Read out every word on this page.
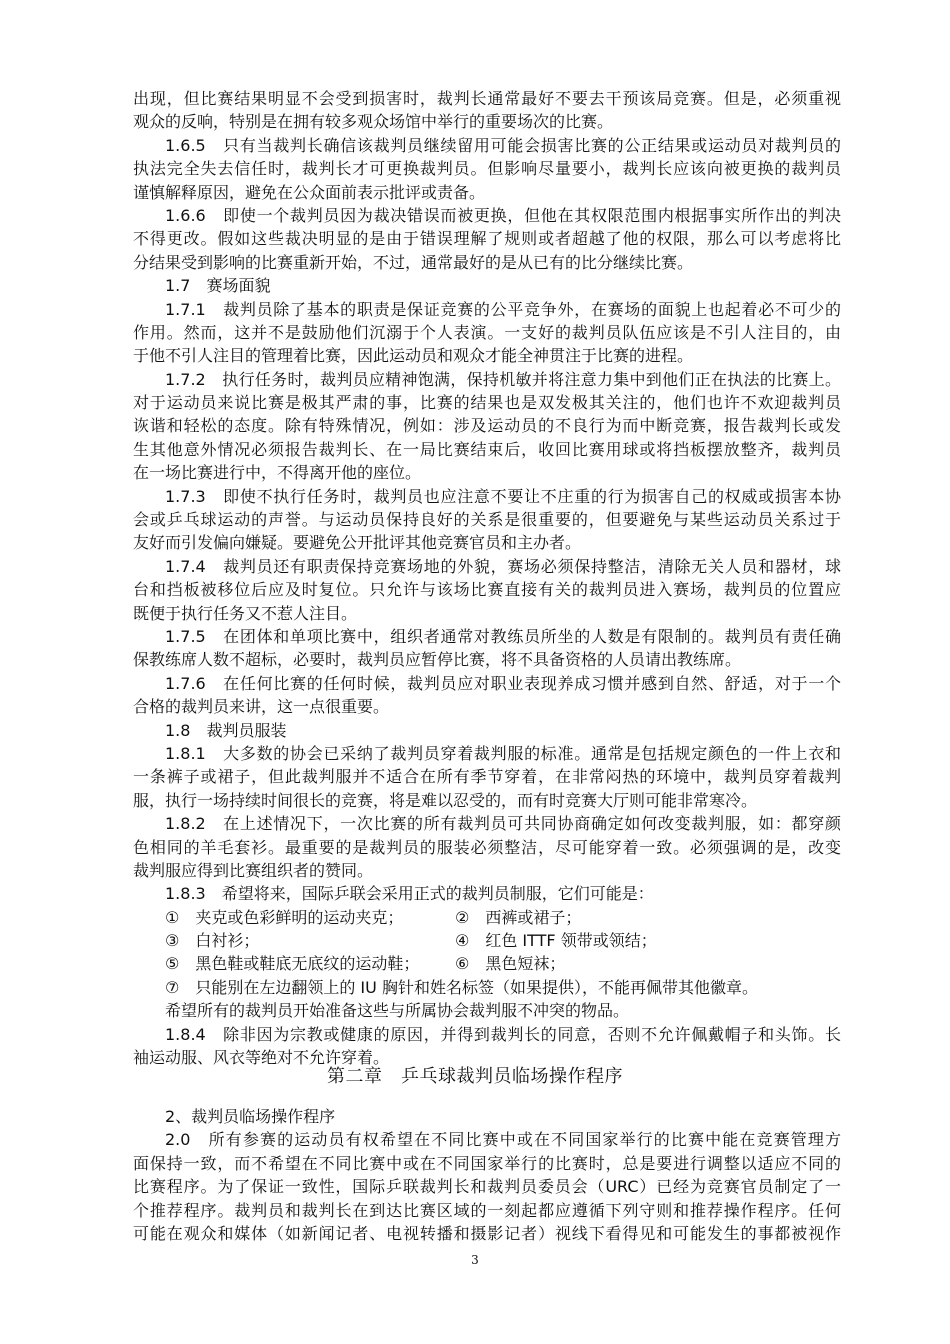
出现，但比赛结果明显不会受到损害时，裁判长通常最好不要去干预该局竞赛。但是，必须重视
观众的反响，特别是在拥有较多观众场馆中举行的重要场次的比赛。
1.6.5　只有当裁判长确信该裁判员继续留用可能会损害比赛的公正结果或运动员对裁判员的
执法完全失去信任时，裁判长才可更换裁判员。但影响尽量要小，裁判长应该向被更换的裁判员
谨慎解释原因，避免在公众面前表示批评或责备。
1.6.6　即使一个裁判员因为裁决错误而被更换，但他在其权限范围内根据事实所作出的判决
不得更改。假如这些裁决明显的是由于错误理解了规则或者超越了他的权限，那么可以考虑将比
分结果受到影响的比赛重新开始，不过，通常最好的是从已有的比分继续比赛。
1.7　赛场面貌
1.7.1　裁判员除了基本的职责是保证竞赛的公平竞争外，在赛场的面貌上也起着必不可少的
作用。然而，这并不是鼓励他们沉溺于个人表演。一支好的裁判员队伍应该是不引人注目的，由
于他不引人注目的管理着比赛，因此运动员和观众才能全神贯注于比赛的进程。
1.7.2　执行任务时，裁判员应精神饱满，保持机敏并将注意力集中到他们正在执法的比赛上。
对于运动员来说比赛是极其严肃的事，比赛的结果也是双发极其关注的，他们也许不欢迎裁判员
诙谐和轻松的态度。除有特殊情况，例如：涉及运动员的不良行为而中断竞赛，报告裁判长或发
生其他意外情况必须报告裁判长、在一局比赛结束后，收回比赛用球或将挡板摆放整齐，裁判员
在一场比赛进行中，不得离开他的座位。
1.7.3　即使不执行任务时，裁判员也应注意不要让不庄重的行为损害自己的权威或损害本协
会或乒乓球运动的声誉。与运动员保持良好的关系是很重要的，但要避免与某些运动员关系过于
友好而引发偏向嫌疑。要避免公开批评其他竞赛官员和主办者。
1.7.4　裁判员还有职责保持竞赛场地的外貌，赛场必须保持整洁，清除无关人员和器材，球
台和挡板被移位后应及时复位。只允许与该场比赛直接有关的裁判员进入赛场，裁判员的位置应
既便于执行任务又不惹人注目。
1.7.5　在团体和单项比赛中，组织者通常对教练员所坐的人数是有限制的。裁判员有责任确
保教练席人数不超标，必要时，裁判员应暂停比赛，将不具备资格的人员请出教练席。
1.7.6　在任何比赛的任何时候，裁判员应对职业表现养成习惯并感到自然、舒适，对于一个
合格的裁判员来讲，这一点很重要。
1.8　裁判员服装
1.8.1　大多数的协会已采纳了裁判员穿着裁判服的标准。通常是包括规定颜色的一件上衣和
一条裤子或裙子，但此裁判服并不适合在所有季节穿着，在非常闷热的环境中，裁判员穿着裁判
服，执行一场持续时间很长的竞赛，将是难以忍受的，而有时竞赛大厅则可能非常寒冷。
1.8.2　在上述情况下，一次比赛的所有裁判员可共同协商确定如何改变裁判服，如：都穿颜
色相同的羊毛套衫。最重要的是裁判员的服装必须整洁，尽可能穿着一致。必须强调的是，改变
裁判服应得到比赛组织者的赞同。
1.8.3　希望将来，国际乒联会采用正式的裁判员制服，它们可能是：
①　夹克或色彩鲜明的运动夹克；	②　西裤或裙子；
③　白衬衫；	④　红色 ITTF 领带或领结；
⑤　黑色鞋或鞋底无底纹的运动鞋；	⑥　黑色短袜；
⑦　只能别在左边翻领上的 IU 胸针和姓名标签（如果提供），不能再佩带其他徽章。
希望所有的裁判员开始准备这些与所属协会裁判服不冲突的物品。
1.8.4　除非因为宗教或健康的原因，并得到裁判长的同意，否则不允许佩戴帽子和头饰。长
袖运动服、风衣等绝对不允许穿着。
第二章　乒乓球裁判员临场操作程序
2、裁判员临场操作程序
2.0　所有参赛的运动员有权希望在不同比赛中或在不同国家举行的比赛中能在竞赛管理方
面保持一致，而不希望在不同比赛中或在不同国家举行的比赛时，总是要进行调整以适应不同的
比赛程序。为了保证一致性，国际乒联裁判长和裁判员委员会（URC）已经为竞赛官员制定了一
个推荐程序。裁判员和裁判长在到达比赛区域的一刻起都应遵循下列守则和推荐操作程序。任何
可能在观众和媒体（如新闻记者、电视转播和摄影记者）视线下看得见和可能发生的事都被视作
3
